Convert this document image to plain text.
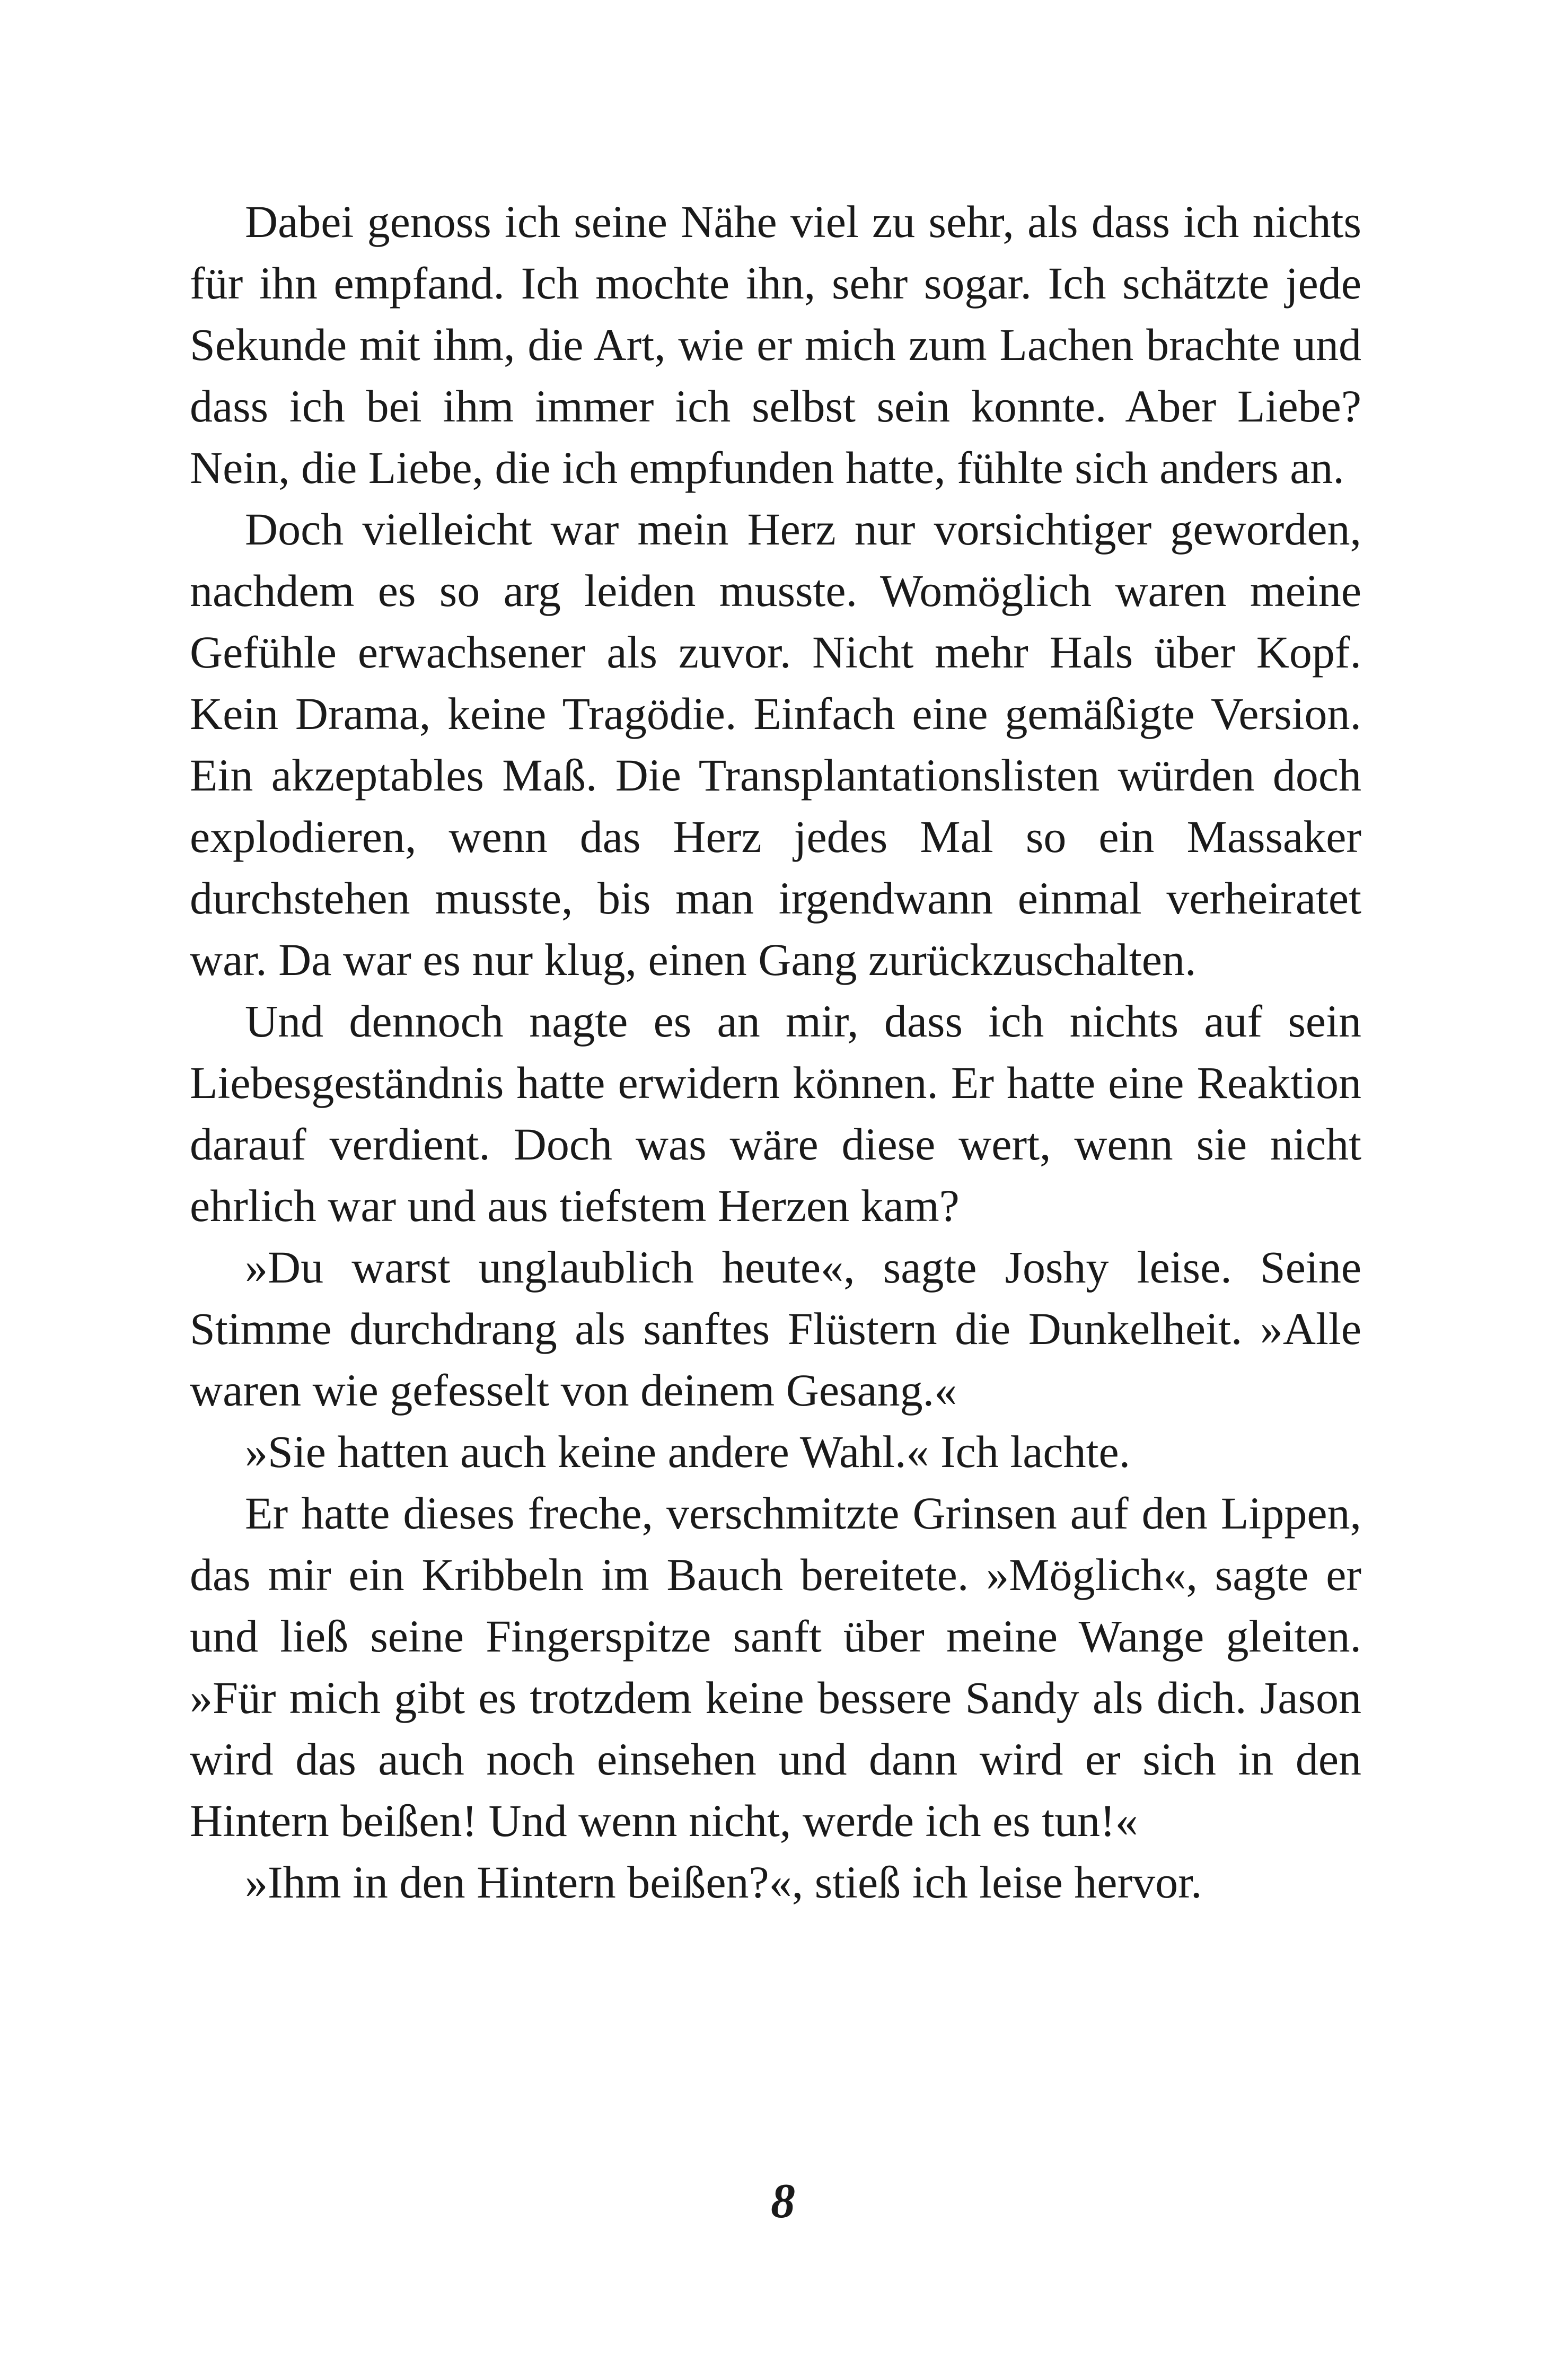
Dabei genoss ich seine Nähe viel zu sehr, als dass ich nichts für ihn empfand. Ich mochte ihn, sehr sogar. Ich schätzte jede Sekunde mit ihm, die Art, wie er mich zum Lachen brachte und dass ich bei ihm immer ich selbst sein konnte. Aber Liebe? Nein, die Liebe, die ich empfunden hatte, fühlte sich anders an.

Doch vielleicht war mein Herz nur vorsichtiger geworden, nachdem es so arg leiden musste. Womöglich waren meine Gefühle erwachsener als zuvor. Nicht mehr Hals über Kopf. Kein Drama, keine Tragödie. Einfach eine gemäßigte Version. Ein akzeptables Maß. Die Transplantationslisten würden doch explodieren, wenn das Herz jedes Mal so ein Massaker durchstehen musste, bis man irgendwann einmal verheiratet war. Da war es nur klug, einen Gang zurückzuschalten.

Und dennoch nagte es an mir, dass ich nichts auf sein Liebesgeständnis hatte erwidern können. Er hatte eine Reaktion darauf verdient. Doch was wäre diese wert, wenn sie nicht ehrlich war und aus tiefstem Herzen kam?

»Du warst unglaublich heute«, sagte Joshy leise. Seine Stimme durchdrang als sanftes Flüstern die Dunkelheit. »Alle waren wie gefesselt von deinem Gesang.«

»Sie hatten auch keine andere Wahl.« Ich lachte.

Er hatte dieses freche, verschmitzte Grinsen auf den Lippen, das mir ein Kribbeln im Bauch bereitete. »Möglich«, sagte er und ließ seine Fingerspitze sanft über meine Wange gleiten. »Für mich gibt es trotzdem keine bessere Sandy als dich. Jason wird das auch noch einsehen und dann wird er sich in den Hintern beißen! Und wenn nicht, werde ich es tun!«

»Ihm in den Hintern beißen?«, stieß ich leise hervor.

8
